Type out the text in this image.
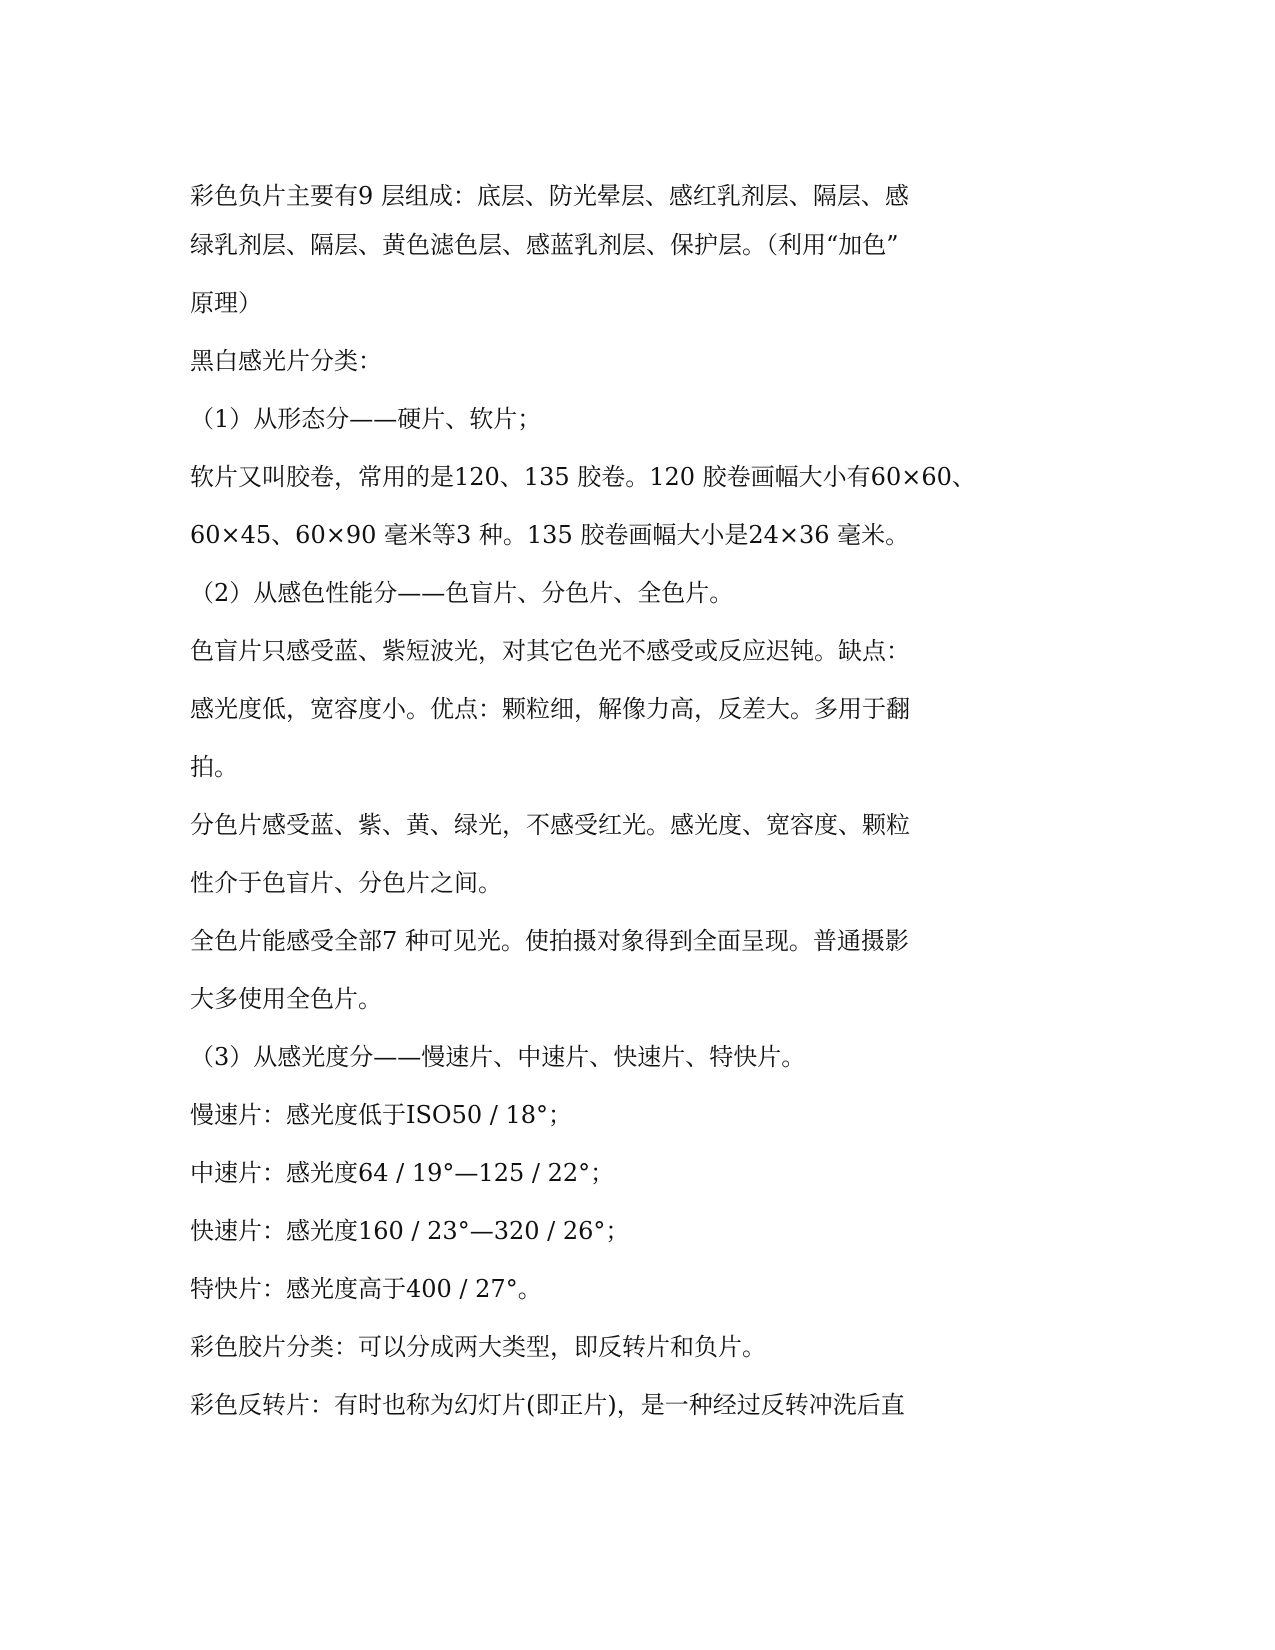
彩色负片主要有9 层组成：底层、防光晕层、感红乳剂层、隔层、感

绿乳剂层、隔层、黄色滤色层、感蓝乳剂层、保护层。（利用“加色”

原理）

黑白感光片分类：

（1）从形态分——硬片、软片；

软片又叫胶卷，常用的是120、135 胶卷。120 胶卷画幅大小有60×60、

60×45、60×90 毫米等3 种。135 胶卷画幅大小是24×36 毫米。

（2）从感色性能分——色盲片、分色片、全色片。

色盲片只感受蓝、紫短波光，对其它色光不感受或反应迟钝。缺点：

感光度低，宽容度小。优点：颗粒细，解像力高，反差大。多用于翻

拍。

分色片感受蓝、紫、黄、绿光，不感受红光。感光度、宽容度、颗粒

性介于色盲片、分色片之间。

全色片能感受全部7 种可见光。使拍摄对象得到全面呈现。普通摄影

大多使用全色片。

（3）从感光度分——慢速片、中速片、快速片、特快片。

慢速片：感光度低于ISO50 / 18°；

中速片：感光度64 / 19°—125 / 22°；

快速片：感光度160 / 23°—320 / 26°；

特快片：感光度高于400 / 27°。

彩色胶片分类：可以分成两大类型，即反转片和负片。

彩色反转片：有时也称为幻灯片(即正片)，是一种经过反转冲洗后直
